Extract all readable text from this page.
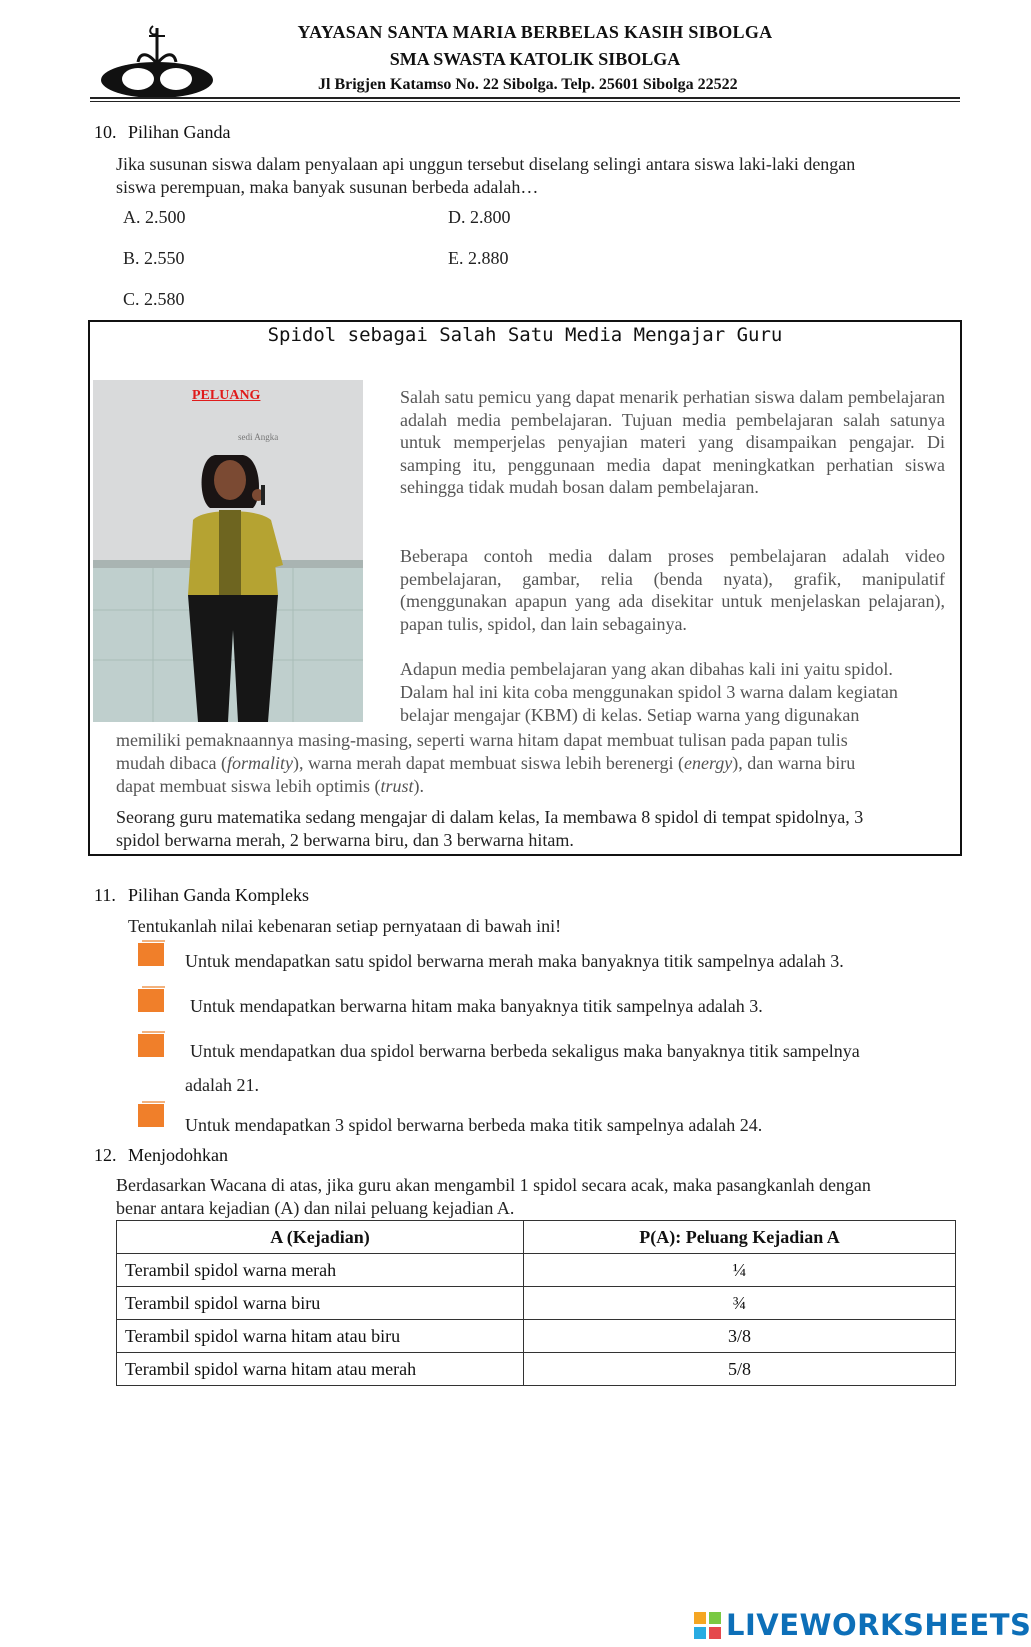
YAYASAN SANTA MARIA BERBELAS KASIH SIBOLGA
SMA SWASTA KATOLIK SIBOLGA
Jl Brigjen Katamso No. 22 Sibolga. Telp. 25601 Sibolga 22522
10. Pilihan Ganda
Jika susunan siswa dalam penyalaan api unggun tersebut diselang selingi antara siswa laki-laki dengan
siswa perempuan, maka banyak susunan berbeda adalah…
A. 2.500	D. 2.800
B. 2.550	E. 2.880
C. 2.580
Spidol sebagai Salah Satu Media Mengajar Guru
sedi Angka
PELUANG	Salah satu pemicu yang dapat menarik perhatian siswa dalam pembelajaran adalah media pembelajaran. Tujuan media pembelajaran salah satunya untuk memperjelas penyajian materi yang disampaikan pengajar. Di samping itu, penggunaan media dapat meningkatkan perhatian siswa sehingga tidak mudah bosan dalam pembelajaran.
Beberapa contoh media dalam proses pembelajaran adalah video pembelajaran, gambar, relia (benda nyata), grafik, manipulatif (menggunakan apapun yang ada disekitar untuk menjelaskan pelajaran), papan tulis, spidol, dan lain sebagainya.
Adapun media pembelajaran yang akan dibahas kali ini yaitu spidol.
Dalam hal ini kita coba menggunakan spidol 3 warna dalam kegiatan
belajar mengajar (KBM) di kelas. Setiap warna yang digunakan
memiliki pemaknaannya masing-masing, seperti warna hitam dapat membuat tulisan pada papan tulis
mudah dibaca (formality), warna merah dapat membuat siswa lebih berenergi (energy), dan warna biru
dapat membuat siswa lebih optimis (trust).
Seorang guru matematika sedang mengajar di dalam kelas, Ia membawa 8 spidol di tempat spidolnya, 3
spidol berwarna merah, 2 berwarna biru, dan 3 berwarna hitam.
11. Pilihan Ganda Kompleks
Tentukanlah nilai kebenaran setiap pernyataan di bawah ini!
Untuk mendapatkan satu spidol berwarna merah maka banyaknya titik sampelnya adalah 3.
Untuk mendapatkan berwarna hitam maka banyaknya titik sampelnya adalah 3.
Untuk mendapatkan dua spidol berwarna berbeda sekaligus maka banyaknya titik sampelnya
adalah 21.
Untuk mendapatkan 3 spidol berwarna berbeda maka titik sampelnya adalah 24.
12. Menjodohkan
Berdasarkan Wacana di atas, jika guru akan mengambil 1 spidol secara acak, maka pasangkanlah dengan
benar antara kejadian (A) dan nilai peluang kejadian A.
A (Kejadian)	P(A): Peluang Kejadian A
Terambil spidol warna merah	¼
Terambil spidol warna biru	¾
Terambil spidol warna hitam atau biru	3/8
Terambil spidol warna hitam atau merah	5/8
LIVEWORKSHEETS
